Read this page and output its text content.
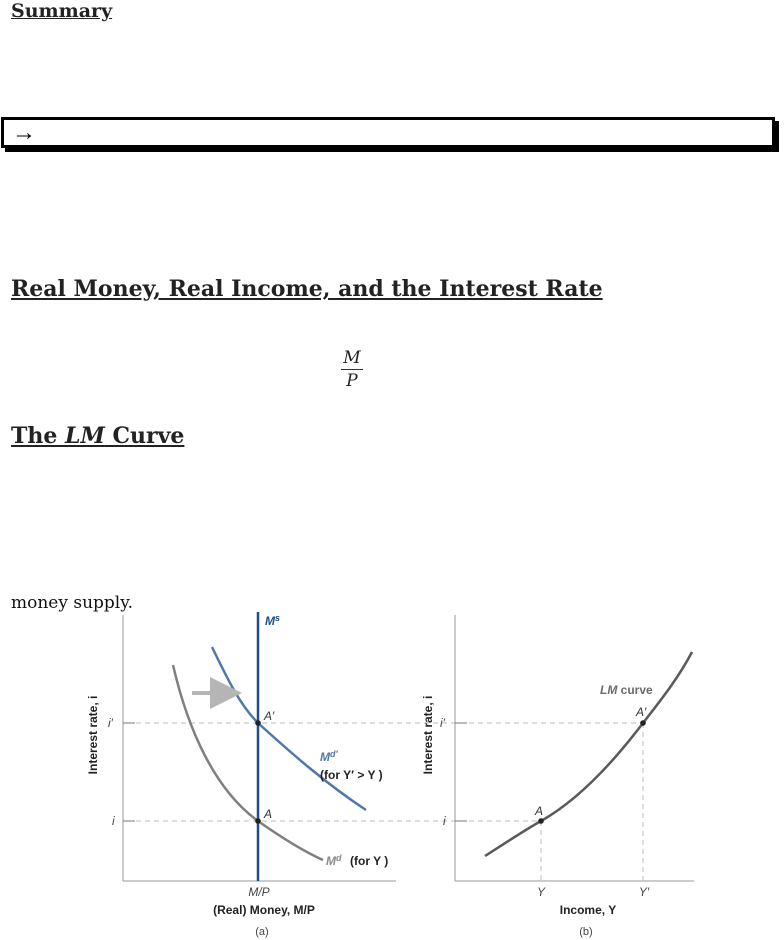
Summary
→
Real Money, Real Income, and the Interest Rate
M
P
The LM Curve
money supply.
$M^s$
A′
A
$M^{d'}$
(for Y′ > Y )
$M^d$ (for Y )
i′
i
M/P
(Real) Money, M/P
Interest rate, i
(a)
LM curve
A′
A
i′
i
Y	Y′
Income, Y
Interest rate, i
(b)
